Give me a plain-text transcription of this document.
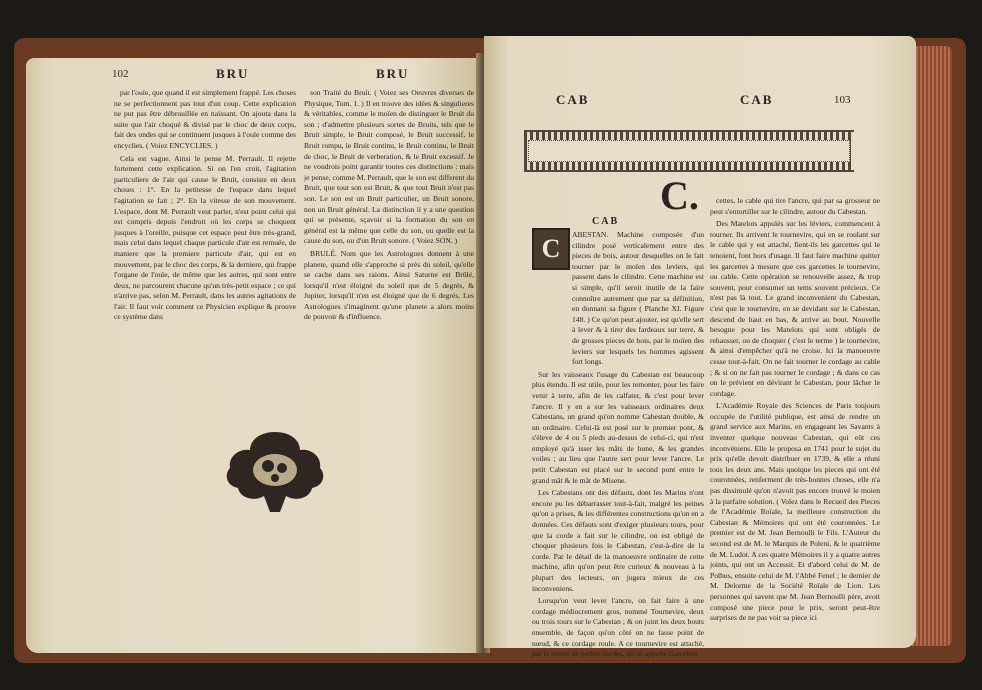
102	BRU	BRU

par l'ouïe, que quand il est simplement frappé. Les choses ne se perfectionnent pas tout d'un coup. Cette explication ne put pas être débrouillée en naissant. On ajouta dans la suite que l'air choqué & divisé par le choc de deux corps, fait des ondes qui se continuent jusques à l'ouïe comme des encyclies. ( Voiez ENCYCLIES. )

Cela est vague. Ainsi le pense M. Perrault. Il rejette fortement cette explication. Si on l'en croit, l'agitation particuliere de l'air qui cause le Bruit, consiste en deux choses : 1°. En la petitesse de l'espace dans lequel l'agitation se fait ; 2°. En la vitesse de son mouvement. L'espace, dont M. Perrault veut parler, n'est point celui qui est compris depuis l'endroit où les corps se choquent jusques à l'oreille, puisque cet espace peut être très-grand, mais celui dans lequel chaque particule d'air est remuée, de maniere que la premiere particule d'air, qui est en mouvement, par le choc des corps, & la derniere, qui frappe l'organe de l'ouïe, de même que les autres, qui sont entre deux, ne parcourent chacune qu'un très-petit espace ; ce qui n'arrive pas, selon M. Perrault, dans les autres agitations de l'air. Il faut voir comment ce Physicien explique & prouve ce système dans

son Traité du Bruit. ( Voiez ses Oeuvres diverses de Physique, Tom. 1. ) Il en trouve des idées & singulieres & véritables, comme le moïen de distinguer le Bruit du son ; d'admettre plusieurs sortes de Bruits, tels que le Bruit simple, le Bruit composé, le Bruit successif, le Bruit rompu, le Bruit continu, le Bruit continu, le Bruit de choc, le Bruit de verberation, & le Bruit excessif. Je ne voudrois point garantir toutes ces distinctions : mais je pense, comme M. Perrault, que le son est different du Bruit, que tout son est Bruit, & que tout Bruit n'est pas son. Le son est un Bruit particulier, un Bruit sonore, non un Bruit général. La distinction il y a une question qui se présente, sçavoir si la formation du son en général est la même que celle du son, ou quelle est la cause du son, ou d'un Bruit sonore. ( Voiez SON. )

BRULÉ. Nom que les Astrologues donnent à une planete, quand elle s'approche si près du soleil, qu'elle se cache dans ses raions. Ainsi Saturne est Brûlé, lorsqu'il n'est éloigné du soleil que de 5 degrés, & Jupiter, lorsqu'il n'en est éloigné que de 6 degrés. Les Astrologues s'imaginent qu'une planete a alors moins de pouvoir & d'influence.

CAB	CAB	103
C.
CAB
C	ABESTAN. Machine composée d'un cilindre posé verticalement entre des pieces de bois, autour desquelles on le fait tourner par le moïen des leviers, qui passent dans le cilindre. Cette machine est si simple, qu'il seroit inutile de la faire connoître autrement que par sa définition, en donnant sa figure ( Planche XI. Figure 148. ) Ce qu'on peut ajouter, est qu'elle sert à lever & à tirer des fardeaux sur terre, & de grosses pieces de bois, par le moïen des leviers sur lesquels les hommes agissent fort longs.

Sur les vaisseaux l'usage du Cabestan est beaucoup plus étendu. Il est utile, pour les remonter, pour les faire venir à terre, afin de les calfater, & c'est pour lever l'ancre. Il y en a sur les vaisseaux ordinaires deux Cabestans, un grand qu'on nomme Cabestan double, & un ordinaire. Celui-là est posé sur le premier pont, & s'éleve de 4 ou 5 pieds au-dessus de celui-ci, qui n'est employé qu'à isser les mâts de hune, & les grandes voiles ; au lieu que l'autre sert pour lever l'ancre. Le petit Cabestan est placé sur le second pont entre le grand mât & le mât de Misene.

Les Cabestans ont des défauts, dont les Marins n'ont encore pu les débarrasser tout-à-fait, malgré les peines qu'on a prises, & les différentes constructions qu'on en a données. Ces défauts sont d'exiger plusieurs tours, pour que la corde a fait sur le cilindre, on est obligé de choquer plusieurs fois le Cabestan, c'est-à-dire de la corde. Par le détail de la manoeuvre ordinaire de cette machine, afin qu'on peut être curieux & nouveau à la plupart des lecteurs, on jugera mieux de ces inconveniens.

Lorsqu'on veut lever l'ancre, on fait faire à une cordage médiocrement gros, nommé Tournevire, deux ou trois tours sur le Cabestan ; & on joint les deux bouts ensemble, de façon qu'on côté on ne fasse point de nœud, & ce cordage roule. A ce tournevire est attaché, par le moïen de petites cordes, qu'on appelle Garcettes

cettes, le cable qui tire l'ancre, qui par sa grosseur ne peut s'entortiller sur le cilindre, autour du Cabestan.

Des Matelots appuïés sur les léviers, commencent à tourner. Ils arrivent le tournevire, qui en se roulant sur le cable qui y est attaché, fient-ils les garcettes qui le tenoient, font hors d'usage. Il faut faire machine quitter les garcettes à mesure que ces garcettes le tournevire, ou cable. Cette opération se renouvelle assez, & trop souvent, pour consumer un tems souvent précieux. Ce n'est pas là tout. Le grand inconvenient du Cabestan, c'est que le tournevire, en se devidant sur le Cabestan, descend de haut en bas, & arrive au bout. Nouvelle besogne pour les Matelots qui sont obligés de rehausser, ou de choquer ( c'est le terme ) le tournevire, & ainsi d'empêcher qu'à ne croise. Ici la manoeuvre cesse tout-à-fait. On ne fait tourner le cordage au cable ; & si on ne fait pas tourner le cordage ; & dans ce cas on le prévient en dévirant le Cabestan, pour lâcher le cordage.

L'Académie Royale des Sciences de Paris toujours occupée de l'utilité publique, est ainsi de rendre un grand service aux Marins, en engageant les Savants à inventer quelque nouveau Cabestan, qui eût ces inconvéniens. Elle le proposa en 1741 pour le sujet du prix qu'elle devoit distribuer en 1739, & elle a réuni tous les deux ans. Mais quoique les pieces qui ont été couronnées, renferment de très-bonnes choses, elle n'a pas dissimulé qu'on n'avoit pas encore trouvé le moien à la parfaite solution. ( Voïez dans le Recueil des Pieces de l'Académie Roïale, la meilleure construction du Cabestan & Mémoires qui ont été couronnées. Le premier est de M. Jean Bernoulli le Fils. L'Auteur du second est de M. le Marquis de Poleni, & le quatrième de M. Ludot. A ces quatre Mémoires il y a quatre autres joints, qui ont un Accessit. Et d'abord celui de M. de Polhus, ensuite celui de M. l'Abbé Fenel ; le dernier de M. Delorme de la Société Roïale de Lion. Les personnes qui savent que M. Jean Bernoulli père, avoit composé une piece pour le prix, seront peut-être surprises de ne pas voir sa piece ici
